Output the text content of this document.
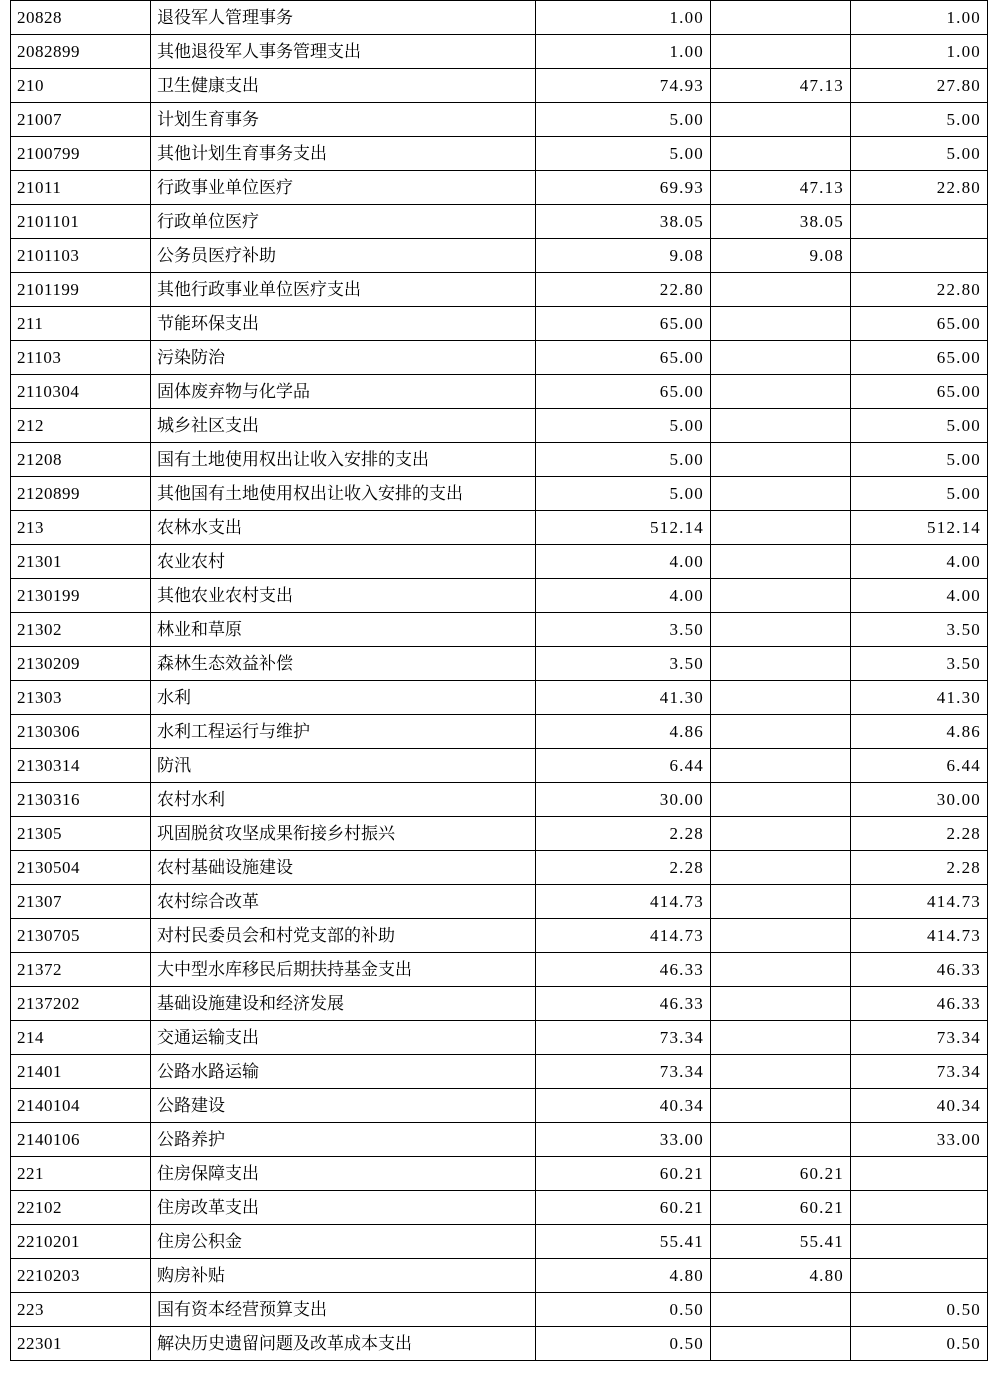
20828	退役军人管理事务	1.00		1.00
2082899	其他退役军人事务管理支出	1.00		1.00
210	卫生健康支出	74.93	47.13	27.80
21007	计划生育事务	5.00		5.00
2100799	其他计划生育事务支出	5.00		5.00
21011	行政事业单位医疗	69.93	47.13	22.80
2101101	行政单位医疗	38.05	38.05	
2101103	公务员医疗补助	9.08	9.08	
2101199	其他行政事业单位医疗支出	22.80		22.80
211	节能环保支出	65.00		65.00
21103	污染防治	65.00		65.00
2110304	固体废弃物与化学品	65.00		65.00
212	城乡社区支出	5.00		5.00
21208	国有土地使用权出让收入安排的支出	5.00		5.00
2120899	其他国有土地使用权出让收入安排的支出	5.00		5.00
213	农林水支出	512.14		512.14
21301	农业农村	4.00		4.00
2130199	其他农业农村支出	4.00		4.00
21302	林业和草原	3.50		3.50
2130209	森林生态效益补偿	3.50		3.50
21303	水利	41.30		41.30
2130306	水利工程运行与维护	4.86		4.86
2130314	防汛	6.44		6.44
2130316	农村水利	30.00		30.00
21305	巩固脱贫攻坚成果衔接乡村振兴	2.28		2.28
2130504	农村基础设施建设	2.28		2.28
21307	农村综合改革	414.73		414.73
2130705	对村民委员会和村党支部的补助	414.73		414.73
21372	大中型水库移民后期扶持基金支出	46.33		46.33
2137202	基础设施建设和经济发展	46.33		46.33
214	交通运输支出	73.34		73.34
21401	公路水路运输	73.34		73.34
2140104	公路建设	40.34		40.34
2140106	公路养护	33.00		33.00
221	住房保障支出	60.21	60.21	
22102	住房改革支出	60.21	60.21	
2210201	住房公积金	55.41	55.41	
2210203	购房补贴	4.80	4.80	
223	国有资本经营预算支出	0.50		0.50
22301	解决历史遗留问题及改革成本支出	0.50		0.50
